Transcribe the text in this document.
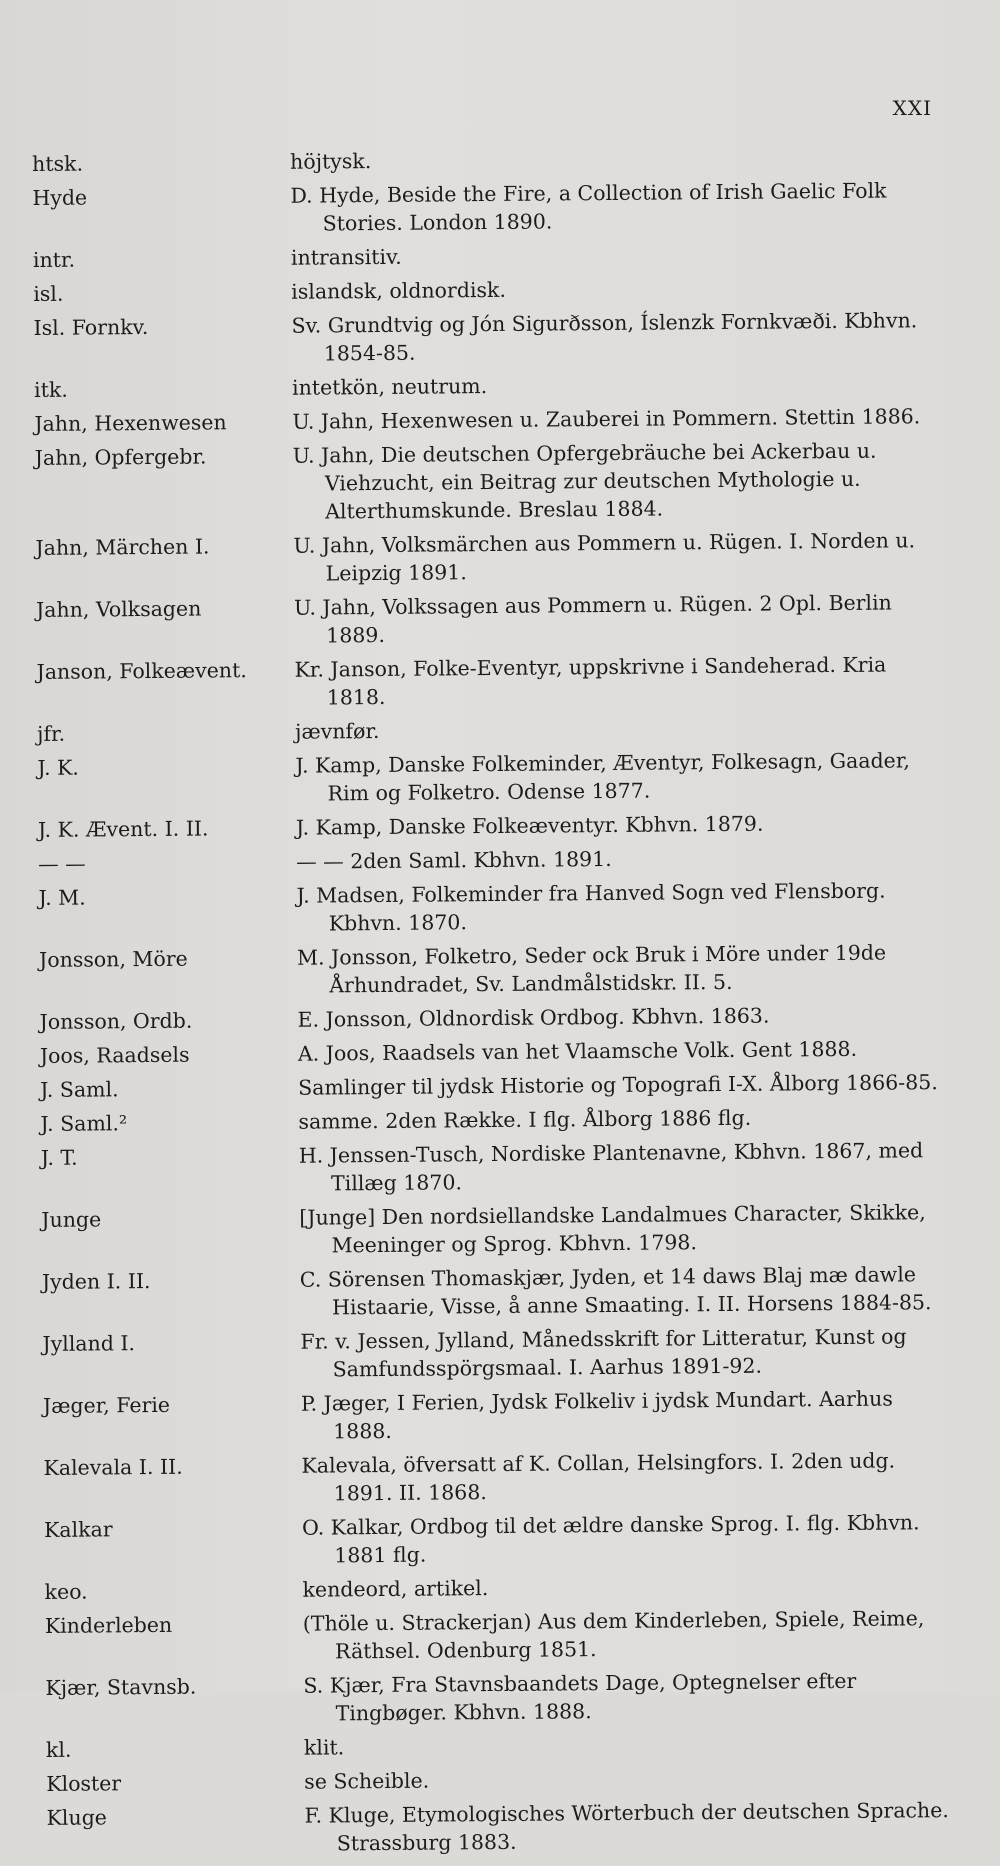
XXI
htsk.	höjtysk.
Hyde	D. Hyde, Beside the Fire, a Collection of Irish Gaelic Folk Stories. London 1890.
intr.	intransitiv.
isl.	islandsk, oldnordisk.
Isl. Fornkv.	Sv. Grundtvig og Jón Sigurðsson, Íslenzk Fornkvæði. Kbhvn. 1854-85.
itk.	intetkön, neutrum.
Jahn, Hexenwesen	U. Jahn, Hexenwesen u. Zauberei in Pommern. Stettin 1886.
Jahn, Opfergebr.	U. Jahn, Die deutschen Opfergebräuche bei Ackerbau u. Viehzucht, ein Beitrag zur deutschen Mythologie u. Alterthumskunde. Breslau 1884.
Jahn, Märchen I.	U. Jahn, Volksmärchen aus Pommern u. Rügen. I. Norden u. Leipzig 1891.
Jahn, Volksagen	U. Jahn, Volkssagen aus Pommern u. Rügen. 2 Opl. Berlin 1889.
Janson, Folkeævent.	Kr. Janson, Folke-Eventyr, uppskrivne i Sandeherad. Kria 1818.
jfr.	jævnfør.
J. K.	J. Kamp, Danske Folkeminder, Æventyr, Folkesagn, Gaader, Rim og Folketro. Odense 1877.
J. K. Ævent. I. II.	J. Kamp, Danske Folkeæventyr. Kbhvn. 1879.
— —	— — 2den Saml. Kbhvn. 1891.
J. M.	J. Madsen, Folkeminder fra Hanved Sogn ved Flensborg. Kbhvn. 1870.
Jonsson, Möre	M. Jonsson, Folketro, Seder ock Bruk i Möre under 19de Århundradet, Sv. Landmålstidskr. II. 5.
Jonsson, Ordb.	E. Jonsson, Oldnordisk Ordbog. Kbhvn. 1863.
Joos, Raadsels	A. Joos, Raadsels van het Vlaamsche Volk. Gent 1888.
J. Saml.	Samlinger til jydsk Historie og Topografi I-X. Ålborg 1866-85.
J. Saml.²	samme. 2den Række. I flg. Ålborg 1886 flg.
J. T.	H. Jenssen-Tusch, Nordiske Plantenavne, Kbhvn. 1867, med Tillæg 1870.
Junge	[Junge] Den nordsiellandske Landalmues Character, Skikke, Meeninger og Sprog. Kbhvn. 1798.
Jyden I. II.	C. Sörensen Thomaskjær, Jyden, et 14 daws Blaj mæ dawle Histaarie, Visse, å anne Smaating. I. II. Horsens 1884-85.
Jylland I.	Fr. v. Jessen, Jylland, Månedsskrift for Litteratur, Kunst og Samfundsspörgsmaal. I. Aarhus 1891-92.
Jæger, Ferie	P. Jæger, I Ferien, Jydsk Folkeliv i jydsk Mundart. Aarhus 1888.
Kalevala I. II.	Kalevala, öfversatt af K. Collan, Helsingfors. I. 2den udg. 1891. II. 1868.
Kalkar	O. Kalkar, Ordbog til det ældre danske Sprog. I. flg. Kbhvn. 1881 flg.
keo.	kendeord, artikel.
Kinderleben	(Thöle u. Strackerjan) Aus dem Kinderleben, Spiele, Reime, Räthsel. Odenburg 1851.
Kjær, Stavnsb.	S. Kjær, Fra Stavnsbaandets Dage, Optegnelser efter Tingbøger. Kbhvn. 1888.
kl.	klit.
Kloster	se Scheible.
Kluge	F. Kluge, Etymologisches Wörterbuch der deutschen Sprache. Strassburg 1883.
